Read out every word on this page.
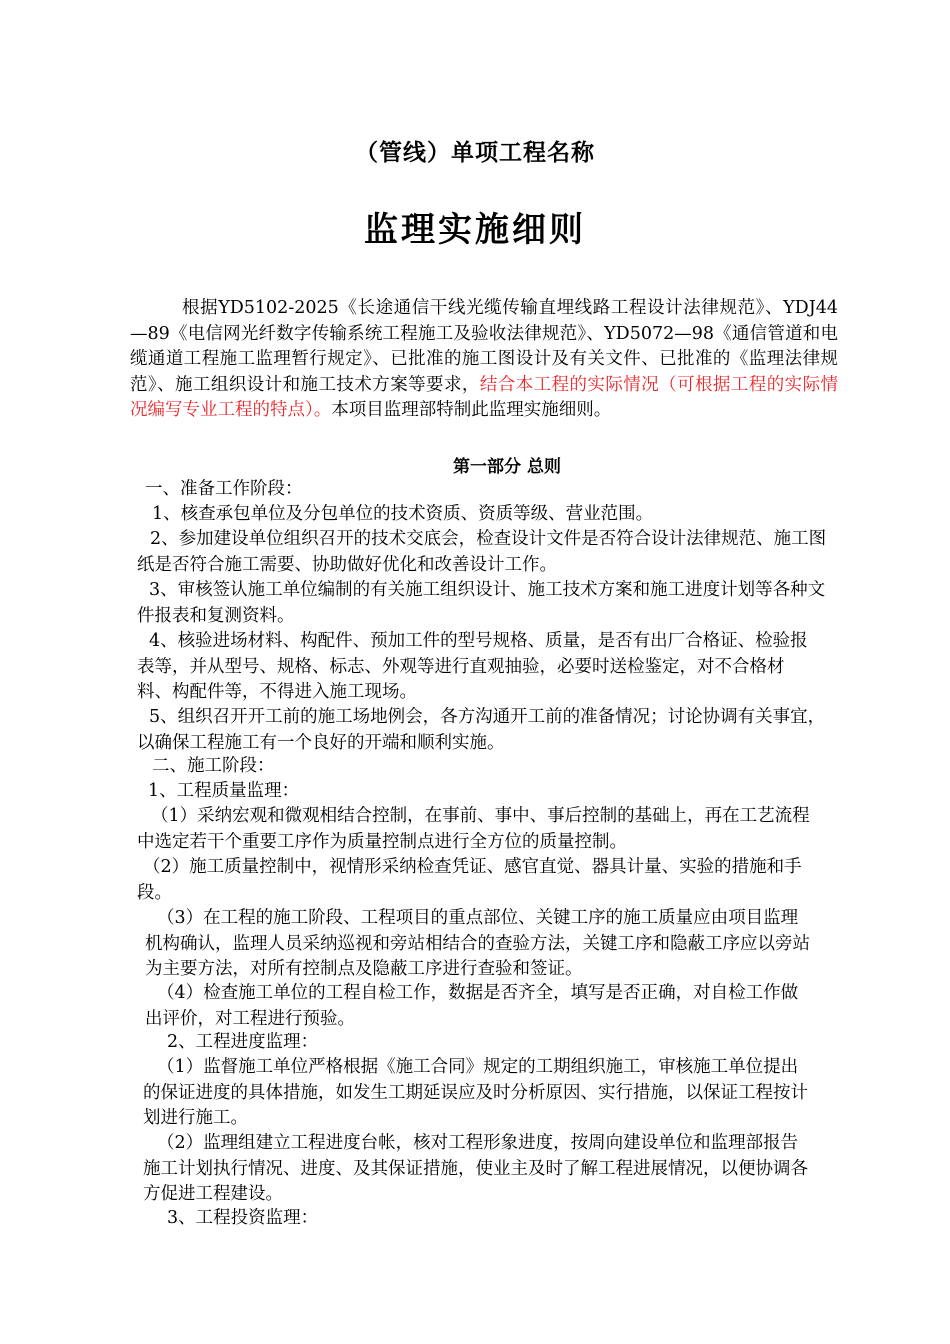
（管线）单项工程名称
监理实施细则

根据YD5102-2025《长途通信干线光缆传输直埋线路工程设计法律规范》、YDJ44—89《电信网光纤数字传输系统工程施工及验收法律规范》、YD5072—98《通信管道和电缆通道工程施工监理暂行规定》、已批准的施工图设计及有关文件、已批准的《监理法律规范》、施工组织设计和施工技术方案等要求，结合本工程的实际情况（可根据工程的实际情况编写专业工程的特点）。本项目监理部特制此监理实施细则。

第一部分 总则

一、准备工作阶段：

1、核查承包单位及分包单位的技术资质、资质等级、营业范围。

2、参加建设单位组织召开的技术交底会，检查设计文件是否符合设计法律规范、施工图纸是否符合施工需要、协助做好优化和改善设计工作。

3、审核签认施工单位编制的有关施工组织设计、施工技术方案和施工进度计划等各种文件报表和复测资料。

4、核验进场材料、构配件、预加工件的型号规格、质量，是否有出厂合格证、检验报表等，并从型号、规格、标志、外观等进行直观抽验，必要时送检鉴定，对不合格材料、构配件等，不得进入施工现场。

5、组织召开开工前的施工场地例会，各方沟通开工前的准备情况；讨论协调有关事宜，以确保工程施工有一个良好的开端和顺利实施。

二、施工阶段：

1、工程质量监理：

（1）采纳宏观和微观相结合控制，在事前、事中、事后控制的基础上，再在工艺流程中选定若干个重要工序作为质量控制点进行全方位的质量控制。

（2）施工质量控制中，视情形采纳检查凭证、感官直觉、器具计量、实验的措施和手段。

（3）在工程的施工阶段、工程项目的重点部位、关键工序的施工质量应由项目监理机构确认，监理人员采纳巡视和旁站相结合的查验方法，关键工序和隐蔽工序应以旁站为主要方法，对所有控制点及隐蔽工序进行查验和签证。

（4）检查施工单位的工程自检工作，数据是否齐全，填写是否正确，对自检工作做出评价，对工程进行预验。

2、工程进度监理：

（1）监督施工单位严格根据《施工合同》规定的工期组织施工，审核施工单位提出的保证进度的具体措施，如发生工期延误应及时分析原因、实行措施，以保证工程按计划进行施工。

（2）监理组建立工程进度台帐，核对工程形象进度，按周向建设单位和监理部报告施工计划执行情况、进度、及其保证措施，使业主及时了解工程进展情况，以便协调各方促进工程建设。

3、工程投资监理：
